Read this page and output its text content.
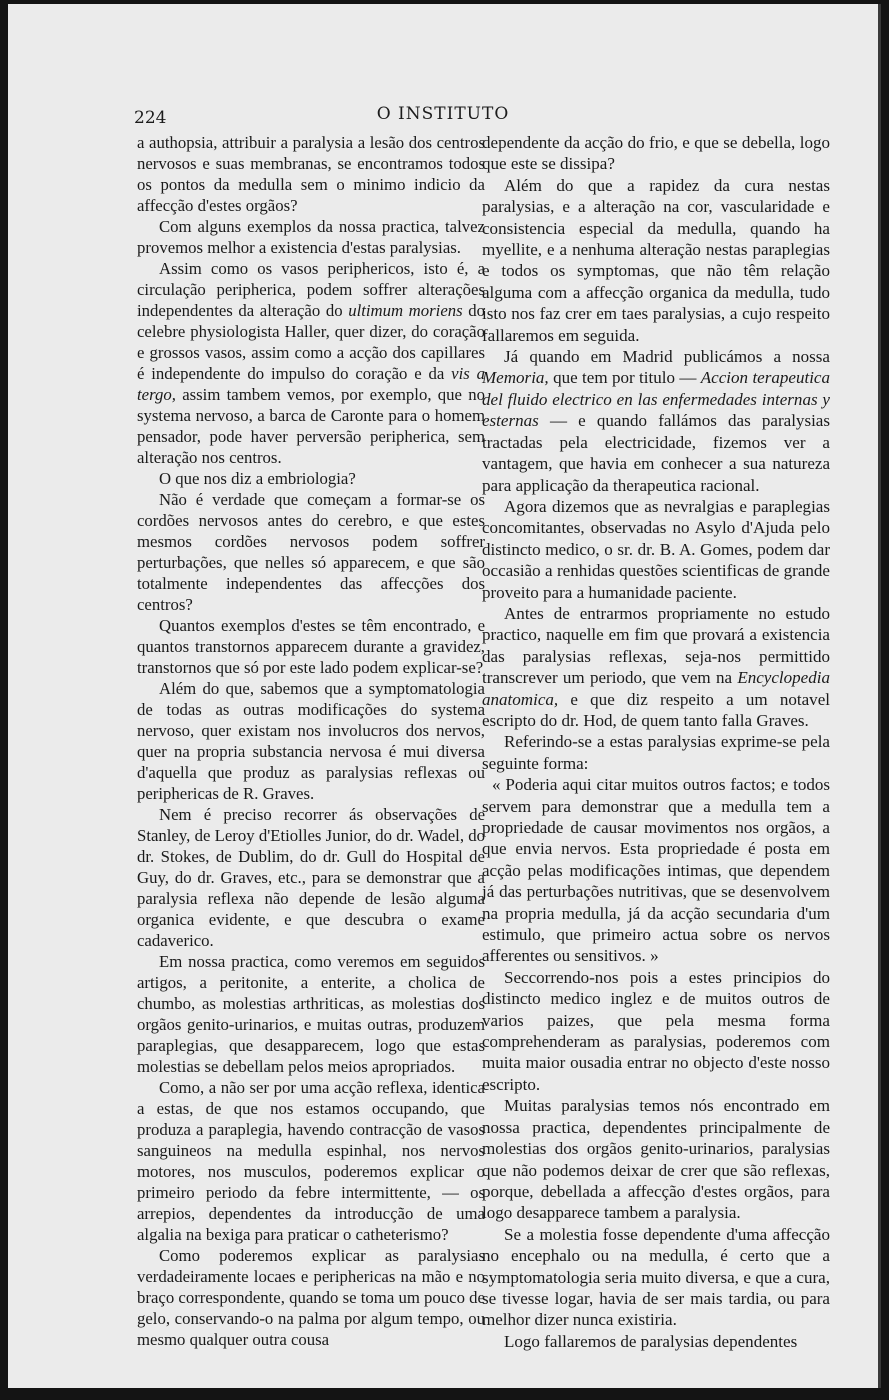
224	O INSTITUTO

a authopsia, attribuir a paralysia a lesão dos centros nervosos e suas membranas, se encontramos todos os pontos da medulla sem o minimo indicio da affecção d'estes orgãos?

Com alguns exemplos da nossa practica, talvez provemos melhor a existencia d'estas paralysias.

Assim como os vasos periphericos, isto é, a circulação peripherica, podem soffrer alterações independentes da alteração do ultimum moriens do celebre physiologista Haller, quer dizer, do coração e grossos vasos, assim como a acção dos capillares é independente do impulso do coração e da vis a tergo, assim tambem vemos, por exemplo, que no systema nervoso, a barca de Caronte para o homem pensador, pode haver perversão peripherica, sem alteração nos centros.

O que nos diz a embriologia?

Não é verdade que começam a formar-se os cordões nervosos antes do cerebro, e que estes mesmos cordões nervosos podem soffrer perturbações, que nelles só apparecem, e que são totalmente independentes das affecções dos centros?

Quantos exemplos d'estes se têm encontrado, e quantos transtornos apparecem durante a gravidez, transtornos que só por este lado podem explicar-se?

Além do que, sabemos que a symptomatologia de todas as outras modificações do systema nervoso, quer existam nos involucros dos nervos, quer na propria substancia nervosa é mui diversa d'aquella que produz as paralysias reflexas ou periphericas de R. Graves.

Nem é preciso recorrer ás observações de Stanley, de Leroy d'Etiolles Junior, do dr. Wadel, do dr. Stokes, de Dublim, do dr. Gull do Hospital de Guy, do dr. Graves, etc., para se demonstrar que a paralysia reflexa não depende de lesão alguma organica evidente, e que descubra o exame cadaverico.

Em nossa practica, como veremos em seguidos artigos, a peritonite, a enterite, a cholica de chumbo, as molestias arthriticas, as molestias dos orgãos genito-urinarios, e muitas outras, produzem paraplegias, que desapparecem, logo que estas molestias se debellam pelos meios apropriados.

Como, a não ser por uma acção reflexa, identica a estas, de que nos estamos occupando, que produza a paraplegia, havendo contracção de vasos sanguineos na medulla espinhal, nos nervos motores, nos musculos, poderemos explicar o primeiro periodo da febre intermittente, — os arrepios, dependentes da introducção de uma algalia na bexiga para praticar o catheterismo?

Como poderemos explicar as paralysias verdadeiramente locaes e periphericas na mão e no braço correspondente, quando se toma um pouco de gelo, conservando-o na palma por algum tempo, ou mesmo qualquer outra cousa

dependente da acção do frio, e que se debella, logo que este se dissipa?

Além do que a rapidez da cura nestas paralysias, e a alteração na cor, vascularidade e consistencia especial da medulla, quando ha myellite, e a nenhuma alteração nestas paraplegias e todos os symptomas, que não têm relação alguma com a affecção organica da medulla, tudo isto nos faz crer em taes paralysias, a cujo respeito fallaremos em seguida.

Já quando em Madrid publicámos a nossa Memoria, que tem por titulo — Accion terapeutica del fluido electrico en las enfermedades internas y esternas — e quando fallámos das paralysias tractadas pela electricidade, fizemos ver a vantagem, que havia em conhecer a sua natureza para applicação da therapeutica racional.

Agora dizemos que as nevralgias e paraplegias concomitantes, observadas no Asylo d'Ajuda pelo distincto medico, o sr. dr. B. A. Gomes, podem dar occasião a renhidas questões scientificas de grande proveito para a humanidade paciente.

Antes de entrarmos propriamente no estudo practico, naquelle em fim que provará a existencia das paralysias reflexas, seja-nos permittido transcrever um periodo, que vem na Encyclopedia anatomica, e que diz respeito a um notavel escripto do dr. Hod, de quem tanto falla Graves.

Referindo-se a estas paralysias exprime-se pela seguinte forma:

« Poderia aqui citar muitos outros factos; e todos servem para demonstrar que a medulla tem a propriedade de causar movimentos nos orgãos, a que envia nervos. Esta propriedade é posta em acção pelas modificações intimas, que dependem já das perturbações nutritivas, que se desenvolvem na propria medulla, já da acção secundaria d'um estimulo, que primeiro actua sobre os nervos afferentes ou sensitivos. »

Seccorrendo-nos pois a estes principios do distincto medico inglez e de muitos outros de varios paizes, que pela mesma forma comprehenderam as paralysias, poderemos com muita maior ousadia entrar no objecto d'este nosso escripto.

Muitas paralysias temos nós encontrado em nossa practica, dependentes principalmente de molestias dos orgãos genito-urinarios, paralysias que não podemos deixar de crer que são reflexas, porque, debellada a affecção d'estes orgãos, para logo desapparece tambem a paralysia.

Se a molestia fosse dependente d'uma affecção no encephalo ou na medulla, é certo que a symptomatologia seria muito diversa, e que a cura, se tivesse logar, havia de ser mais tardia, ou para melhor dizer nunca existiria.

Logo fallaremos de paralysias dependentes
